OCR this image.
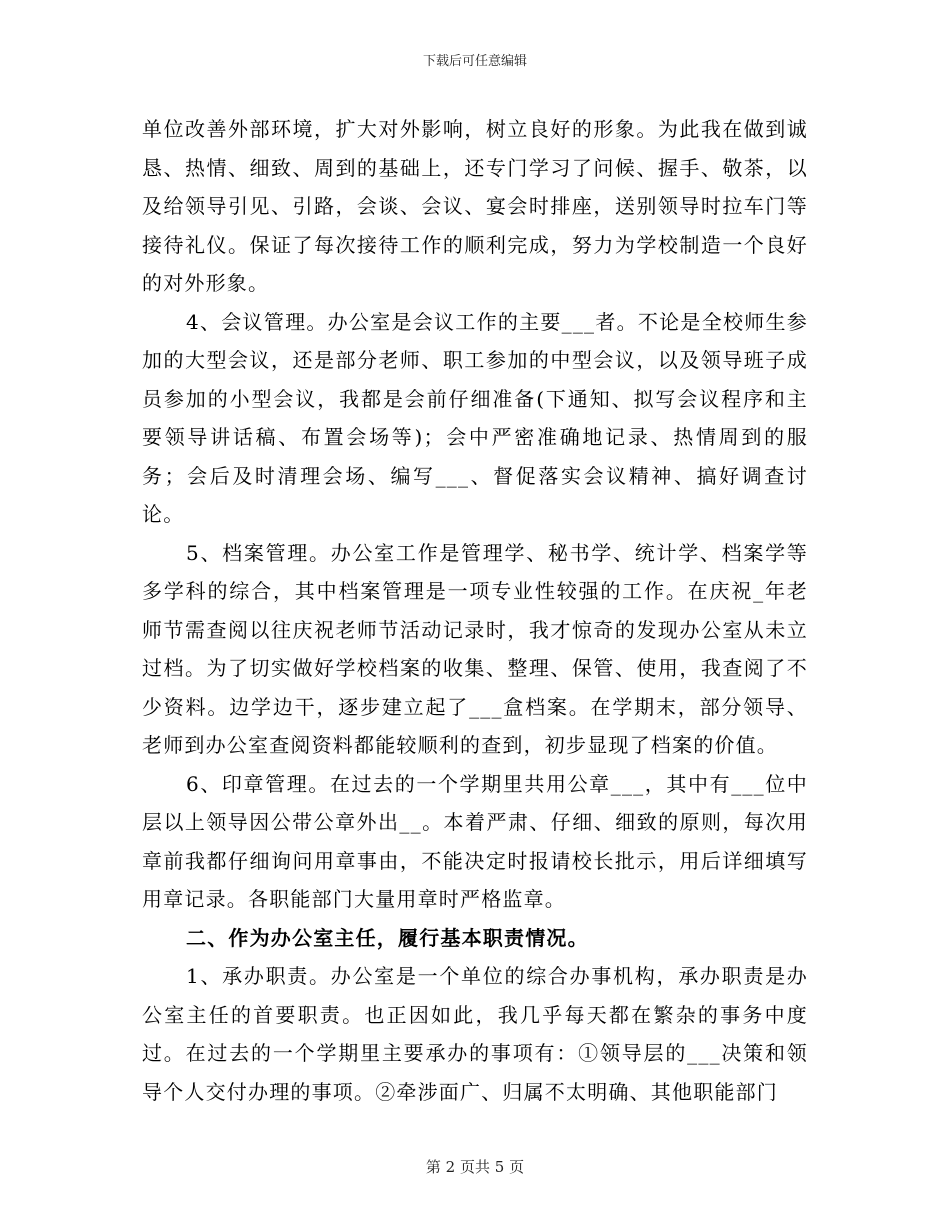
下载后可任意编辑

单位改善外部环境，扩大对外影响，树立良好的形象。为此我在做到诚恳、热情、细致、周到的基础上，还专门学习了问候、握手、敬茶，以及给领导引见、引路，会谈、会议、宴会时排座，送别领导时拉车门等接待礼仪。保证了每次接待工作的顺利完成，努力为学校制造一个良好的对外形象。

4、会议管理。办公室是会议工作的主要___者。不论是全校师生参加的大型会议，还是部分老师、职工参加的中型会议，以及领导班子成员参加的小型会议，我都是会前仔细准备(下通知、拟写会议程序和主要领导讲话稿、布置会场等)；会中严密准确地记录、热情周到的服务；会后及时清理会场、编写___、督促落实会议精神、搞好调查讨论。

5、档案管理。办公室工作是管理学、秘书学、统计学、档案学等多学科的综合，其中档案管理是一项专业性较强的工作。在庆祝_年老师节需查阅以往庆祝老师节活动记录时，我才惊奇的发现办公室从未立过档。为了切实做好学校档案的收集、整理、保管、使用，我查阅了不少资料。边学边干，逐步建立起了___盒档案。在学期末，部分领导、老师到办公室查阅资料都能较顺利的查到，初步显现了档案的价值。

6、印章管理。在过去的一个学期里共用公章___，其中有___位中层以上领导因公带公章外出__。本着严肃、仔细、细致的原则，每次用章前我都仔细询问用章事由，不能决定时报请校长批示，用后详细填写用章记录。各职能部门大量用章时严格监章。

二、作为办公室主任，履行基本职责情况。

1、承办职责。办公室是一个单位的综合办事机构，承办职责是办公室主任的首要职责。也正因如此，我几乎每天都在繁杂的事务中度过。在过去的一个学期里主要承办的事项有：①领导层的___决策和领导个人交付办理的事项。②牵涉面广、归属不太明确、其他职能部门

第 2 页共 5 页
